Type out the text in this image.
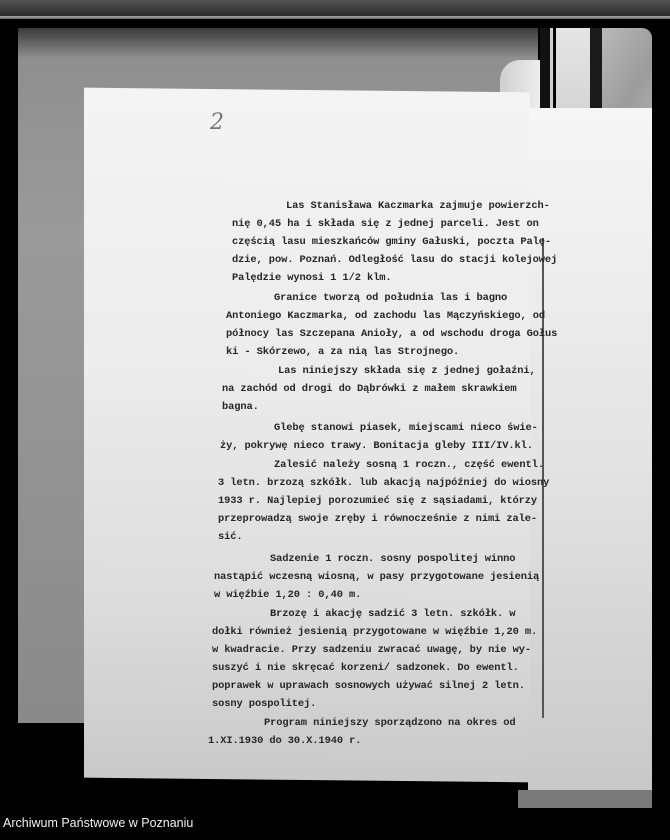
2
Las Stanisława Kaczmarka zajmuje powierzch-
nię 0,45 ha i składa się z jednej parceli. Jest on
częścią lasu mieszkańców gminy Gałuski, poczta Palę-
dzie, pow. Poznań. Odległość lasu do stacji kolejowej
Palędzie wynosi 1 1/2 klm.
Granice tworzą od południa las i bagno
Antoniego Kaczmarka, od zachodu las Mączyńskiego, od
północy las Szczepana Anioły, a od wschodu droga Gołus
ki - Skórzewo, a za nią las Strojnego.
Las niniejszy składa się z jednej gołaźni,
na zachód od drogi do Dąbrówki z małem skrawkiem
bagna.
Glebę stanowi piasek, miejscami nieco świe-
ży, pokrywę nieco trawy. Bonitacja gleby III/IV.kl.
Zalesić należy sosną 1 roczn., część ewentl.
3 letn. brzozą szkółk. lub akacją najpóźniej do wiosny
1933 r. Najlepiej porozumieć się z sąsiadami, którzy
przeprowadzą swoje zręby i równocześnie z nimi zale-
sić.
Sadzenie 1 roczn. sosny pospolitej winno
nastąpić wczesną wiosną, w pasy przygotowane jesienią
w więźbie 1,20 : 0,40 m.
Brzozę i akację sadzić 3 letn. szkółk. w
dołki również jesienią przygotowane w więźbie 1,20 m.
w kwadracie. Przy sadzeniu zwracać uwagę, by nie wy-
suszyć i nie skręcać korzeni/ sadzonek. Do ewentl.
poprawek w uprawach sosnowych używać silnej 2 letn.
sosny pospolitej.
Program niniejszy sporządzono na okres od
1.XI.1930 do 30.X.1940 r.
Archiwum Państwowe w Poznaniu
